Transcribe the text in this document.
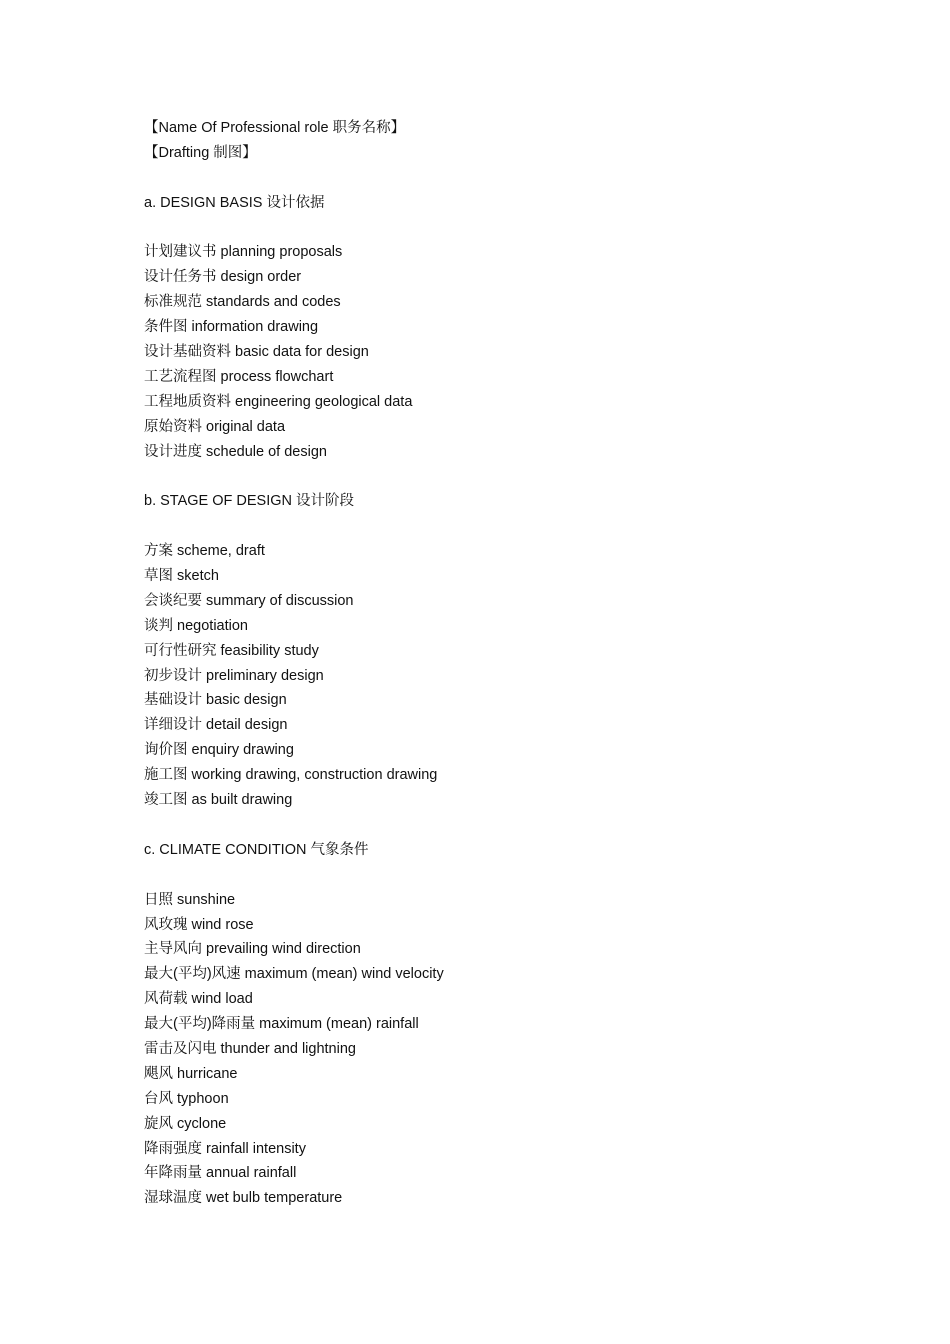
【Name Of Professional role 职务名称】
【Drafting 制图】
a. DESIGN BASIS 设计依据
计划建议书 planning proposals
设计任务书 design order
标准规范 standards and codes
条件图 information drawing
设计基础资料 basic data for design
工艺流程图 process flowchart
工程地质资料 engineering geological data
原始资料 original data
设计进度 schedule of design
b. STAGE OF DESIGN 设计阶段
方案 scheme, draft
草图 sketch
会谈纪要 summary of discussion
谈判 negotiation
可行性研究 feasibility study
初步设计 preliminary design
基础设计 basic design
详细设计 detail design
询价图 enquiry drawing
施工图 working drawing, construction drawing
竣工图 as built drawing
c. CLIMATE CONDITION 气象条件
日照 sunshine
风玫瑰 wind rose
主导风向 prevailing wind direction
最大(平均)风速 maximum (mean) wind velocity
风荷载 wind load
最大(平均)降雨量 maximum (mean) rainfall
雷击及闪电 thunder and lightning
飓风 hurricane
台风 typhoon
旋风 cyclone
降雨强度 rainfall intensity
年降雨量 annual rainfall
湿球温度 wet bulb temperature
